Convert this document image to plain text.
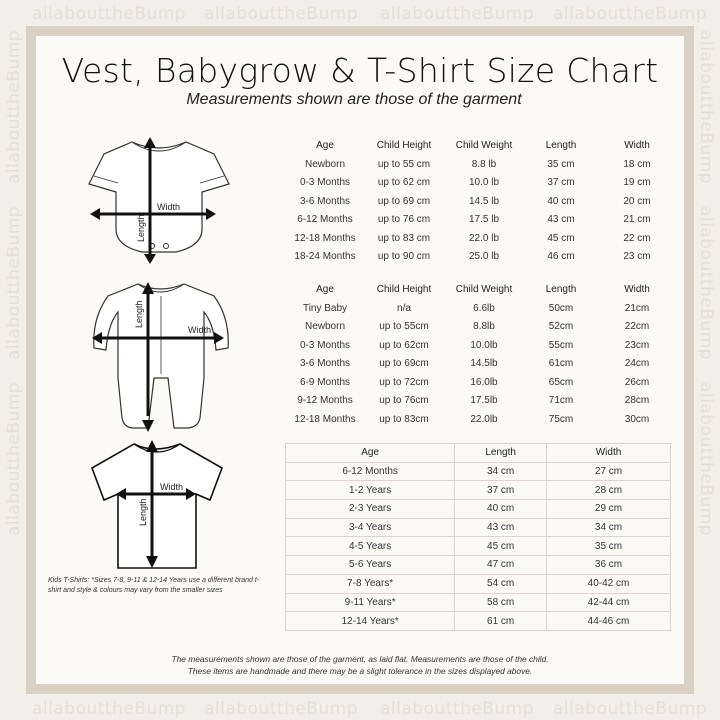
allabouttheBump allabouttheBump allabouttheBump allabouttheBump
allabouttheBump allabouttheBump allabouttheBump allabouttheBump
allabouttheBump
allabouttheBump
allabouttheBump
allabouttheBump
allabouttheBump
allabouttheBump
Vest, Babygrow & T-Shirt Size Chart
Measurements shown are those of the garment
Width
Length
Width
Length
Width
Length
Age	Child Height	Child Weight	Length	Width
Newborn	up to 55 cm	8.8 lb	35 cm	18 cm
0-3 Months	up to 62 cm	10.0 lb	37 cm	19 cm
3-6 Months	up to 69 cm	14.5 lb	40 cm	20 cm
6-12 Months	up to 76 cm	17.5 lb	43 cm	21 cm
12-18 Months	up to 83 cm	22.0 lb	45 cm	22 cm
18-24 Months	up to 90 cm	25.0 lb	46 cm	23 cm
Age	Child Height	Child Weight	Length	Width
Tiny Baby	n/a	6.6lb	50cm	21cm
Newborn	up to 55cm	8.8lb	52cm	22cm
0-3 Months	up to 62cm	10.0lb	55cm	23cm
3-6 Months	up to 69cm	14.5lb	61cm	24cm
6-9 Months	up to 72cm	16.0lb	65cm	26cm
9-12 Months	up to 76cm	17.5lb	71cm	28cm
12-18 Months	up to 83cm	22.0lb	75cm	30cm
Age	Length	Width
6-12 Months	34 cm	27 cm
1-2 Years	37 cm	28 cm
2-3 Years	40 cm	29 cm
3-4 Years	43 cm	34 cm
4-5 Years	45 cm	35 cm
5-6 Years	47 cm	36 cm
7-8 Years*	54 cm	40-42 cm
9-11 Years*	58 cm	42-44 cm
12-14 Years*	61 cm	44-46 cm
Kids T-Shirts: *Sizes 7-8, 9-11 & 12-14 Years use a different brand t-shirt and style & colours may vary from the smaller sizes
The measurements shown are those of the garment, as laid flat. Measurements are those of the child.
These items are handmade and there may be a slight tolerance in the sizes displayed above.
